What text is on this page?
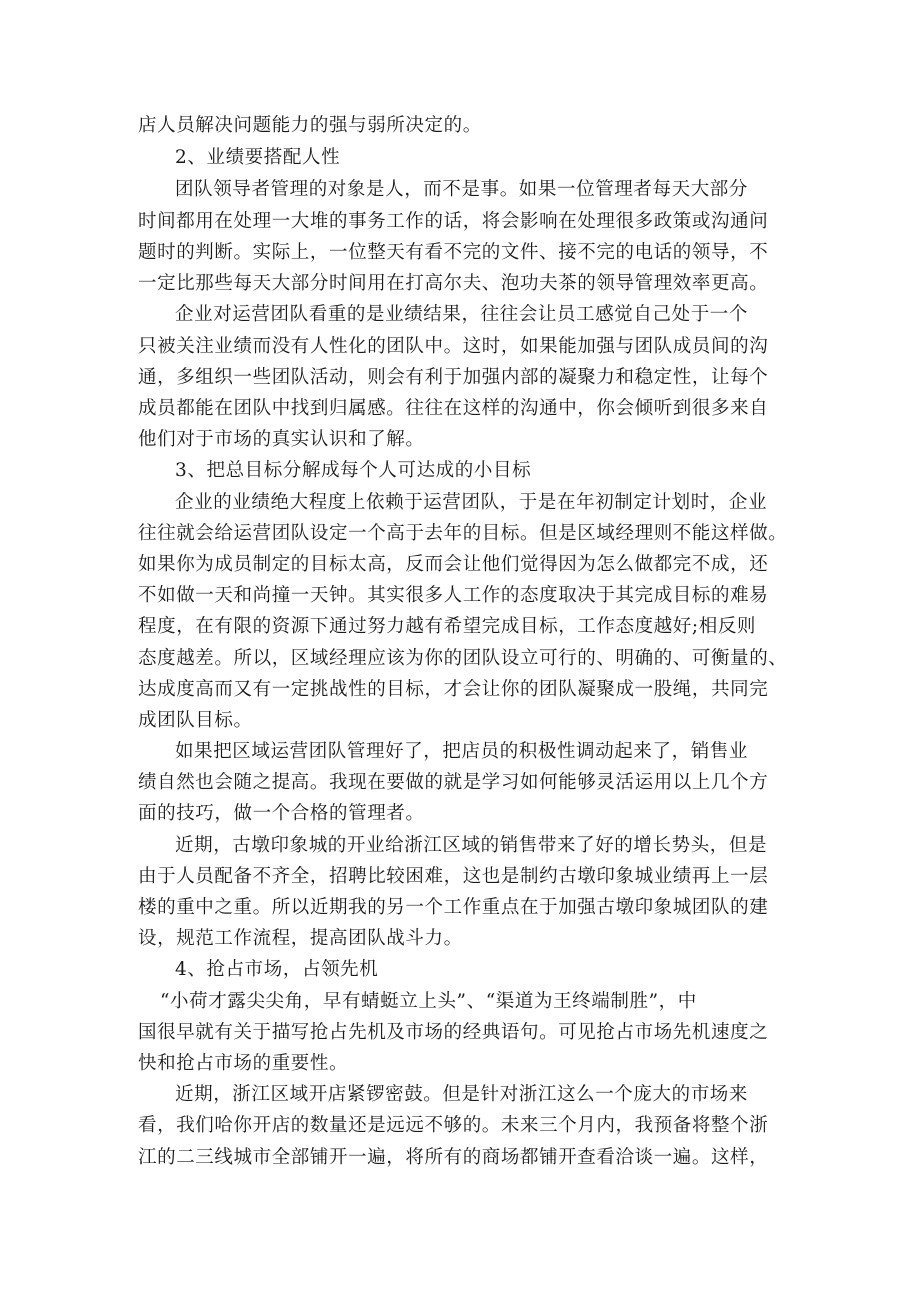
店人员解决问题能力的强与弱所决定的。
2、业绩要搭配人性
团队领导者管理的对象是人，而不是事。如果一位管理者每天大部分
时间都用在处理一大堆的事务工作的话，将会影响在处理很多政策或沟通问
题时的判断。实际上，一位整天有看不完的文件、接不完的电话的领导，不
一定比那些每天大部分时间用在打高尔夫、泡功夫茶的领导管理效率更高。
企业对运营团队看重的是业绩结果，往往会让员工感觉自己处于一个
只被关注业绩而没有人性化的团队中。这时，如果能加强与团队成员间的沟
通，多组织一些团队活动，则会有利于加强内部的凝聚力和稳定性，让每个
成员都能在团队中找到归属感。往往在这样的沟通中，你会倾听到很多来自
他们对于市场的真实认识和了解。
3、把总目标分解成每个人可达成的小目标
企业的业绩绝大程度上依赖于运营团队，于是在年初制定计划时，企业
往往就会给运营团队设定一个高于去年的目标。但是区域经理则不能这样做。
如果你为成员制定的目标太高，反而会让他们觉得因为怎么做都完不成，还
不如做一天和尚撞一天钟。其实很多人工作的态度取决于其完成目标的难易
程度，在有限的资源下通过努力越有希望完成目标，工作态度越好;相反则
态度越差。所以，区域经理应该为你的团队设立可行的、明确的、可衡量的、
达成度高而又有一定挑战性的目标，才会让你的团队凝聚成一股绳，共同完
成团队目标。
如果把区域运营团队管理好了，把店员的积极性调动起来了，销售业
绩自然也会随之提高。我现在要做的就是学习如何能够灵活运用以上几个方
面的技巧，做一个合格的管理者。
近期，古墩印象城的开业给浙江区域的销售带来了好的增长势头，但是
由于人员配备不齐全，招聘比较困难，这也是制约古墩印象城业绩再上一层
楼的重中之重。所以近期我的另一个工作重点在于加强古墩印象城团队的建
设，规范工作流程，提高团队战斗力。
4、抢占市场，占领先机
“小荷才露尖尖角，早有蜻蜓立上头”、“渠道为王终端制胜”，中
国很早就有关于描写抢占先机及市场的经典语句。可见抢占市场先机速度之
快和抢占市场的重要性。
近期，浙江区域开店紧锣密鼓。但是针对浙江这么一个庞大的市场来
看，我们哈你开店的数量还是远远不够的。未来三个月内，我预备将整个浙
江的二三线城市全部铺开一遍，将所有的商场都铺开查看洽谈一遍。这样，
